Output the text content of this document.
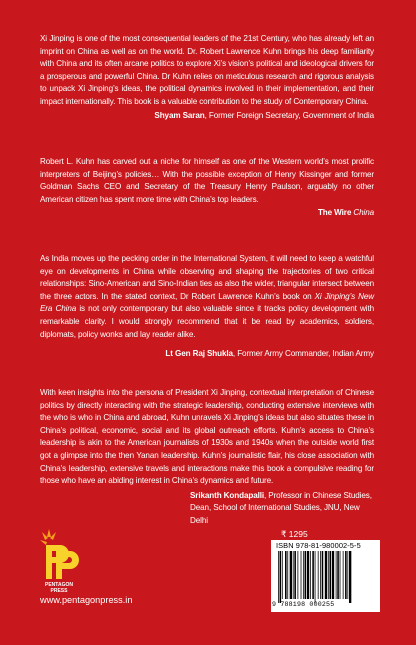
Xi Jinping is one of the most consequential leaders of the 21st Century, who has already left an imprint on China as well as on the world. Dr. Robert Lawrence Kuhn brings his deep familiarity with China and its often arcane politics to explore Xi’s vision’s political and ideological drivers for a prosperous and powerful China. Dr Kuhn relies on meticulous research and rigorous analysis to unpack Xi Jinping’s ideas, the political dynamics involved in their implementation, and their impact internationally. This book is a valuable contribution to the study of Contemporary China.
Shyam Saran, Former Foreign Secretary, Government of India
Robert L. Kuhn has carved out a niche for himself as one of the Western world’s most prolific interpreters of Beijing’s policies… With the possible exception of Henry Kissinger and former Goldman Sachs CEO and Secretary of the Treasury Henry Paulson, arguably no other American citizen has spent more time with China’s top leaders.
The Wire China
As India moves up the pecking order in the International System, it will need to keep a watchful eye on developments in China while observing and shaping the trajectories of two critical relationships: Sino-American and Sino-Indian ties as also the wider, triangular intersect between the three actors. In the stated context, Dr Robert Lawrence Kuhn’s book on Xi Jinping’s New Era China is not only contemporary but also valuable since it tracks policy development with remarkable clarity. I would strongly recommend that it be read by academics, soldiers, diplomats, policy wonks and lay reader alike.
Lt Gen Raj Shukla, Former Army Commander, Indian Army
With keen insights into the persona of President Xi Jinping, contextual interpretation of Chinese politics by directly interacting with the strategic leadership, conducting extensive interviews with the who is who in China and abroad, Kuhn unravels Xi Jinping’s ideas but also situates these in China’s political, economic, social and its global outreach efforts. Kuhn’s access to China’s leadership is akin to the American journalists of 1930s and 1940s when the outside world first got a glimpse into the then Yanan leadership. Kuhn’s journalistic flair, his close association with China’s leadership, extensive travels and interactions make this book a compulsive reading for those who have an abiding interest in China’s dynamics and future.
Srikanth Kondapalli, Professor in Chinese Studies,
Dean, School of International Studies, JNU, New Delhi
PENTAGON
PRESS
www.pentagonpress.in
₹ 1295
ISBN 978-81-980002-5-5
9 788198 000255
